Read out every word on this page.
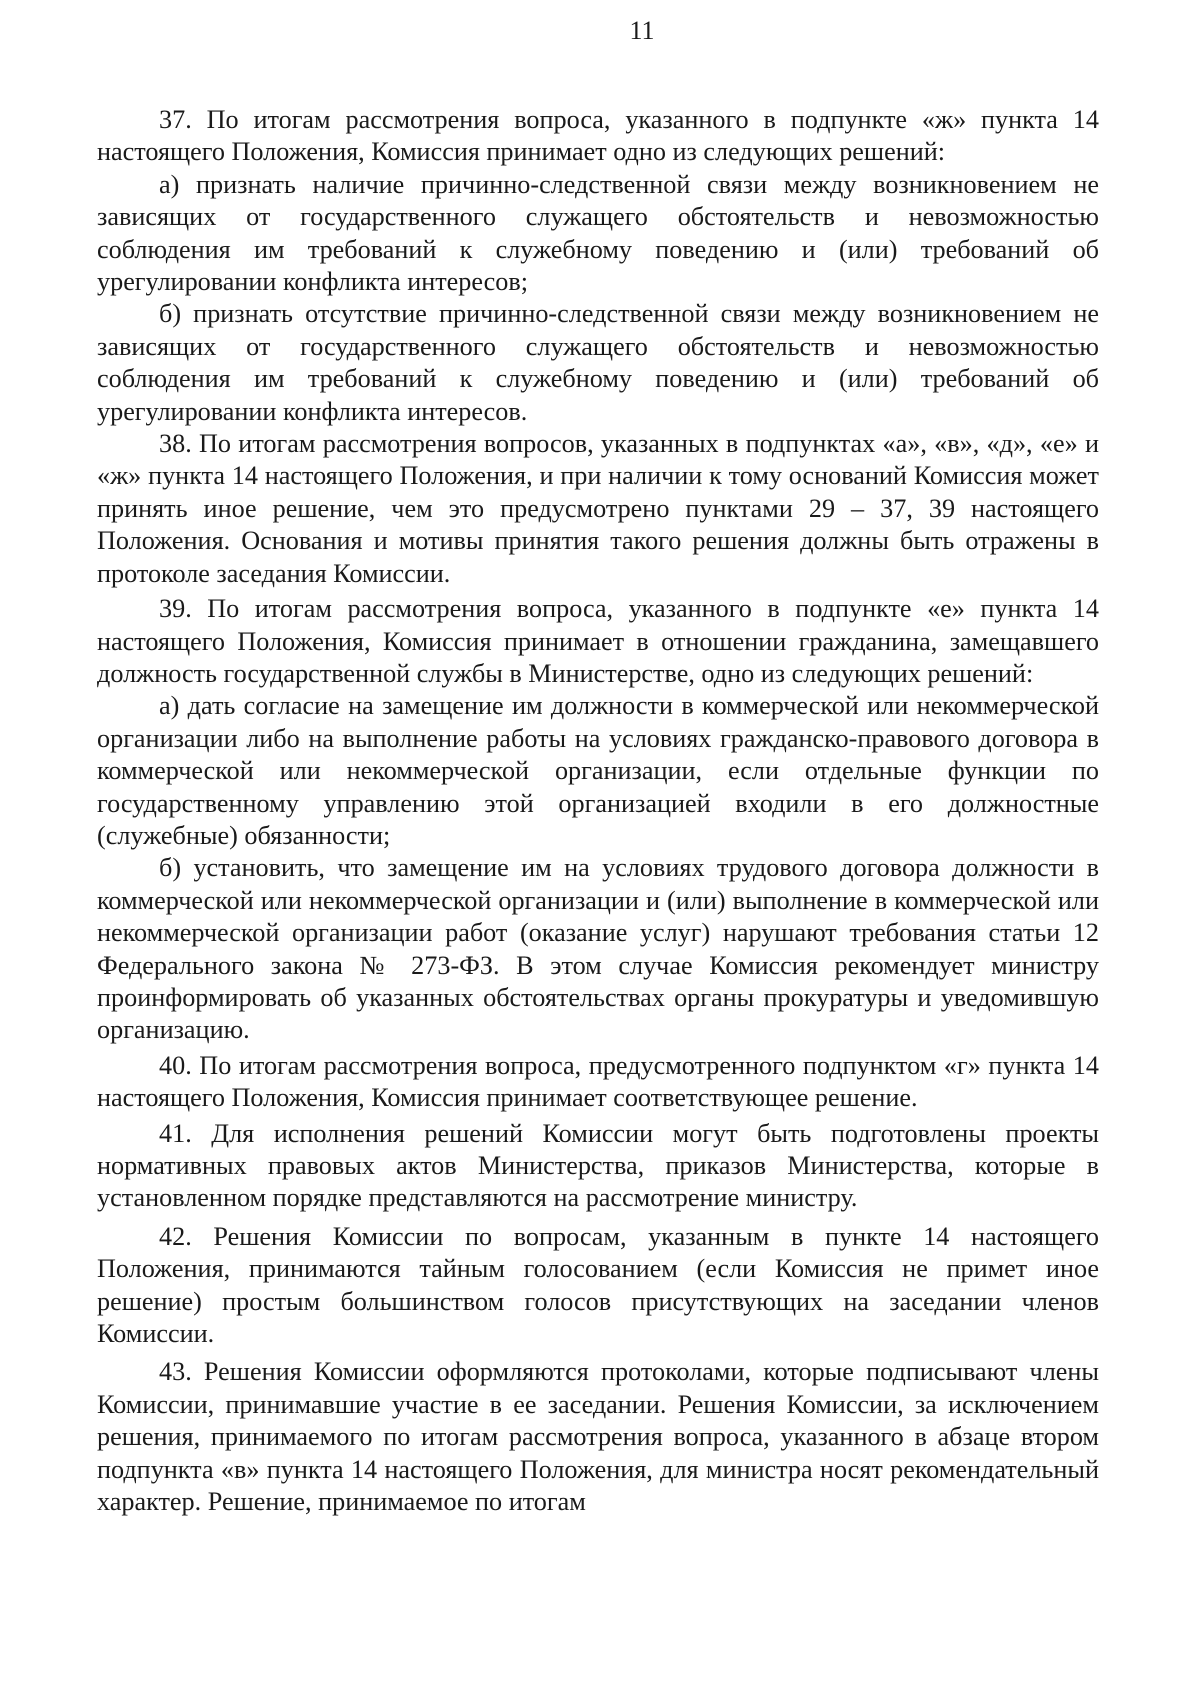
11

37. По итогам рассмотрения вопроса, указанного в подпункте «ж» пункта 14 настоящего Положения, Комиссия принимает одно из следующих решений:

а) признать наличие причинно-следственной связи между возникновением не зависящих от государственного служащего обстоятельств и невозможностью соблюдения им требований к служебному поведению и (или) требований об урегулировании конфликта интересов;

б) признать отсутствие причинно-следственной связи между возникновением не зависящих от государственного служащего обстоятельств и невозможностью соблюдения им требований к служебному поведению и (или) требований об урегулировании конфликта интересов.

38. По итогам рассмотрения вопросов, указанных в подпунктах «а», «в», «д», «е» и «ж» пункта 14 настоящего Положения, и при наличии к тому оснований Комиссия может принять иное решение, чем это предусмотрено пунктами 29 – 37, 39 настоящего Положения. Основания и мотивы принятия такого решения должны быть отражены в протоколе заседания Комиссии.

39. По итогам рассмотрения вопроса, указанного в подпункте «е» пункта 14 настоящего Положения, Комиссия принимает в отношении гражданина, замещавшего должность государственной службы в Министерстве, одно из следующих решений:

а) дать согласие на замещение им должности в коммерческой или некоммерческой организации либо на выполнение работы на условиях гражданско-правового договора в коммерческой или некоммерческой организации, если отдельные функции по государственному управлению этой организацией входили в его должностные (служебные) обязанности;

б) установить, что замещение им на условиях трудового договора должности в коммерческой или некоммерческой организации и (или) выполнение в коммерческой или некоммерческой организации работ (оказание услуг) нарушают требования статьи 12 Федерального закона № 273-ФЗ. В этом случае Комиссия рекомендует министру проинформировать об указанных обстоятельствах органы прокуратуры и уведомившую организацию.

40. По итогам рассмотрения вопроса, предусмотренного подпунктом «г» пункта 14 настоящего Положения, Комиссия принимает соответствующее решение.

41. Для исполнения решений Комиссии могут быть подготовлены проекты нормативных правовых актов Министерства, приказов Министерства, которые в установленном порядке представляются на рассмотрение министру.

42. Решения Комиссии по вопросам, указанным в пункте 14 настоящего Положения, принимаются тайным голосованием (если Комиссия не примет иное решение) простым большинством голосов присутствующих на заседании членов Комиссии.

43. Решения Комиссии оформляются протоколами, которые подписывают члены Комиссии, принимавшие участие в ее заседании. Решения Комиссии, за исключением решения, принимаемого по итогам рассмотрения вопроса, указанного в абзаце втором подпункта «в» пункта 14 настоящего Положения, для министра носят рекомендательный характер. Решение, принимаемое по итогам
